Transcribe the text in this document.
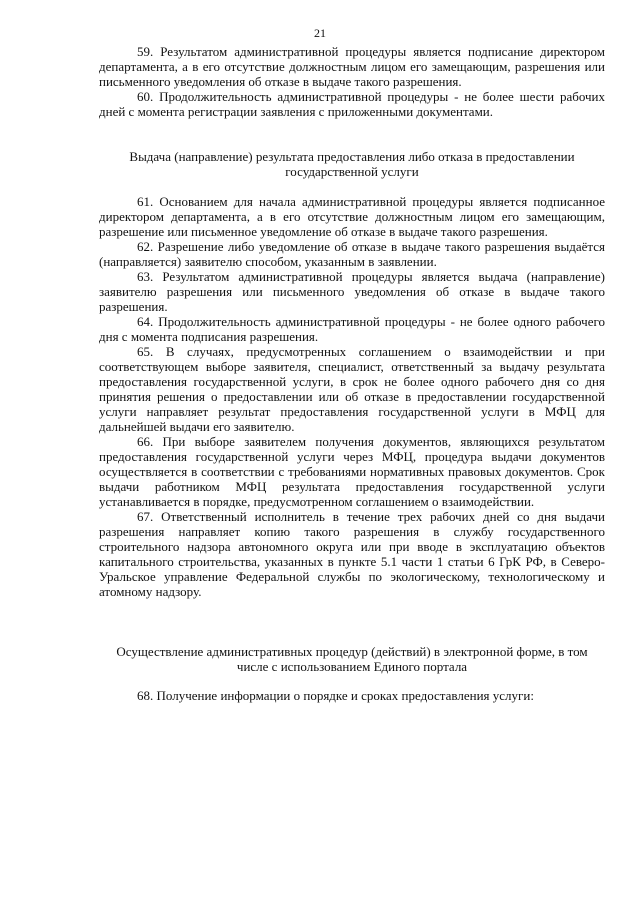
21

59. Результатом административной процедуры является подписание директором департамента, а в его отсутствие должностным лицом его замещающим, разрешения или письменного уведомления об отказе в выдаче такого разрешения.

60. Продолжительность административной процедуры - не более шести рабочих дней с момента регистрации заявления с приложенными документами.

Выдача (направление) результата предоставления либо отказа в предоставлении государственной услуги

61. Основанием для начала административной процедуры является подписанное директором департамента, а в его отсутствие должностным лицом его замещающим, разрешение или письменное уведомление об отказе в выдаче такого разрешения.

62. Разрешение либо уведомление об отказе в выдаче такого разрешения выдаётся (направляется) заявителю способом, указанным в заявлении.

63. Результатом административной процедуры является выдача (направление) заявителю разрешения или письменного уведомления об отказе в выдаче такого разрешения.

64. Продолжительность административной процедуры - не более одного рабочего дня с момента подписания разрешения.

65. В случаях, предусмотренных соглашением о взаимодействии и при соответствующем выборе заявителя, специалист, ответственный за выдачу результата предоставления государственной услуги, в срок не более одного рабочего дня со дня принятия решения о предоставлении или об отказе в предоставлении государственной услуги направляет результат предоставления государственной услуги в МФЦ для дальнейшей выдачи его заявителю.

66. При выборе заявителем получения документов, являющихся результатом предоставления государственной услуги через МФЦ, процедура выдачи документов осуществляется в соответствии с требованиями нормативных правовых документов. Срок выдачи работником МФЦ результата предоставления государственной услуги устанавливается в порядке, предусмотренном соглашением о взаимодействии.

67. Ответственный исполнитель в течение трех рабочих дней со дня выдачи разрешения направляет копию такого разрешения в службу государственного строительного надзора автономного округа или при вводе в эксплуатацию объектов капитального строительства, указанных в пункте 5.1 части 1 статьи 6 ГрК РФ, в Северо-Уральское управление Федеральной службы по экологическому, технологическому и атомному надзору.

Осуществление административных процедур (действий) в электронной форме, в том числе с использованием Единого портала

68. Получение информации о порядке и сроках предоставления услуги:
